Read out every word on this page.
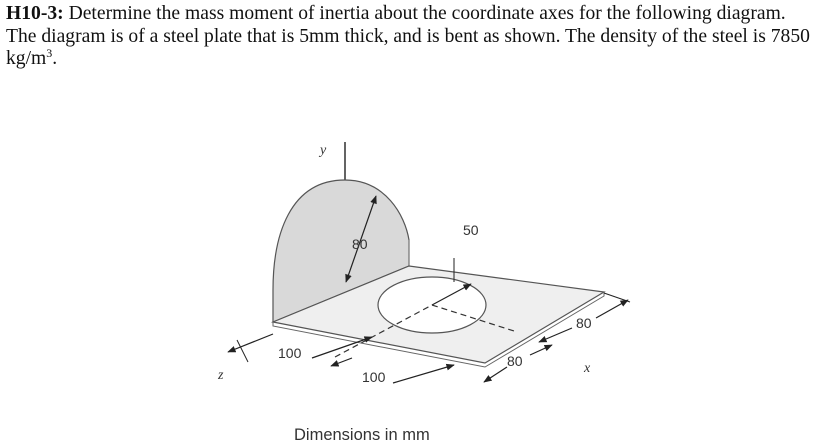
H10-3: Determine the mass moment of inertia about the coordinate axes for the following diagram. The diagram is of a steel plate that is 5mm thick, and is bent as shown. The density of the steel is 7850 $kg/m^3$.

80
50
100
100
80
80
y
x
z
Dimensions in mm
